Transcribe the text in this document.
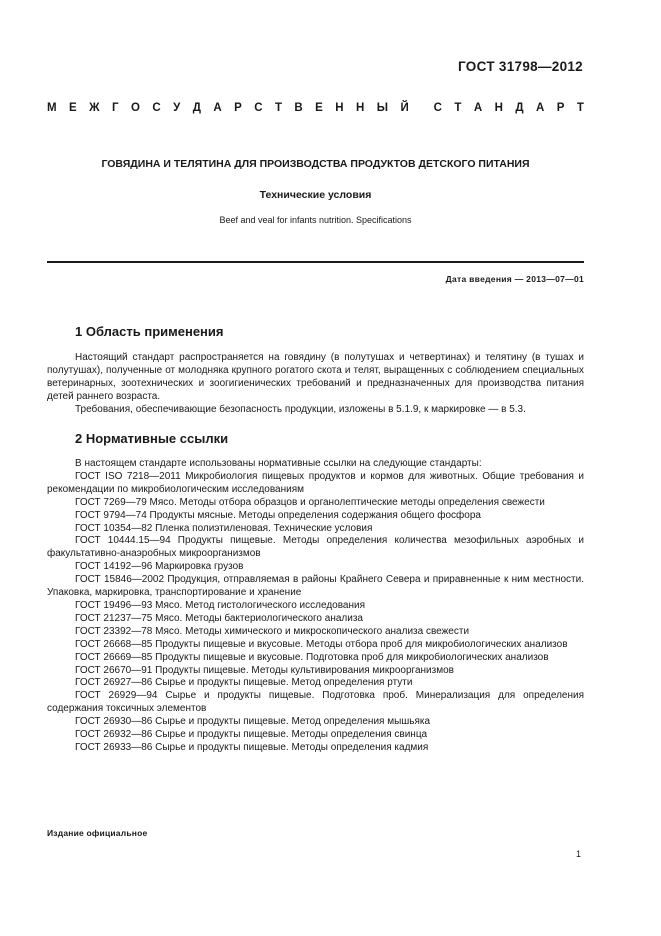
ГОСТ 31798—2012
М Е Ж Г О С У Д А Р С Т В Е Н Н Ы Й С Т А Н Д А Р Т
ГОВЯДИНА И ТЕЛЯТИНА ДЛЯ ПРОИЗВОДСТВА ПРОДУКТОВ ДЕТСКОГО ПИТАНИЯ
Технические условия
Beef and veal for infants nutrition. Specifications
Дата введения — 2013—07—01
1 Область применения

Настоящий стандарт распространяется на говядину (в полутушах и четвертинах) и телятину (в тушах и полутушах), полученные от молодняка крупного рогатого скота и телят, выращенных с соблюдением специальных ветеринарных, зоотехнических и зоогигиенических требований и предназначенных для производства питания детей раннего возраста.

Требования, обеспечивающие безопасность продукции, изложены в 5.1.9, к маркировке — в 5.3.

2 Нормативные ссылки

В настоящем стандарте использованы нормативные ссылки на следующие стандарты:

ГОСТ ISO 7218—2011 Микробиология пищевых продуктов и кормов для животных. Общие требования и рекомендации по микробиологическим исследованиям

ГОСТ 7269—79 Мясо. Методы отбора образцов и органолептические методы определения свежести

ГОСТ 9794—74 Продукты мясные. Методы определения содержания общего фосфора

ГОСТ 10354—82 Пленка полиэтиленовая. Технические условия

ГОСТ 10444.15—94 Продукты пищевые. Методы определения количества мезофильных аэробных и факультативно-анаэробных микроорганизмов

ГОСТ 14192—96 Маркировка грузов

ГОСТ 15846—2002 Продукция, отправляемая в районы Крайнего Севера и приравненные к ним местности. Упаковка, маркировка, транспортирование и хранение

ГОСТ 19496—93 Мясо. Метод гистологического исследования

ГОСТ 21237—75 Мясо. Методы бактериологического анализа

ГОСТ 23392—78 Мясо. Методы химического и микроскопического анализа свежести

ГОСТ 26668—85 Продукты пищевые и вкусовые. Методы отбора проб для микробиологических анализов

ГОСТ 26669—85 Продукты пищевые и вкусовые. Подготовка проб для микробиологических анализов

ГОСТ 26670—91 Продукты пищевые. Методы культивирования микроорганизмов

ГОСТ 26927—86 Сырье и продукты пищевые. Метод определения ртути

ГОСТ 26929—94 Сырье и продукты пищевые. Подготовка проб. Минерализация для определения содержания токсичных элементов

ГОСТ 26930—86 Сырье и продукты пищевые. Метод определения мышьяка

ГОСТ 26932—86 Сырье и продукты пищевые. Методы определения свинца

ГОСТ 26933—86 Сырье и продукты пищевые. Методы определения кадмия

Издание официальное
1
